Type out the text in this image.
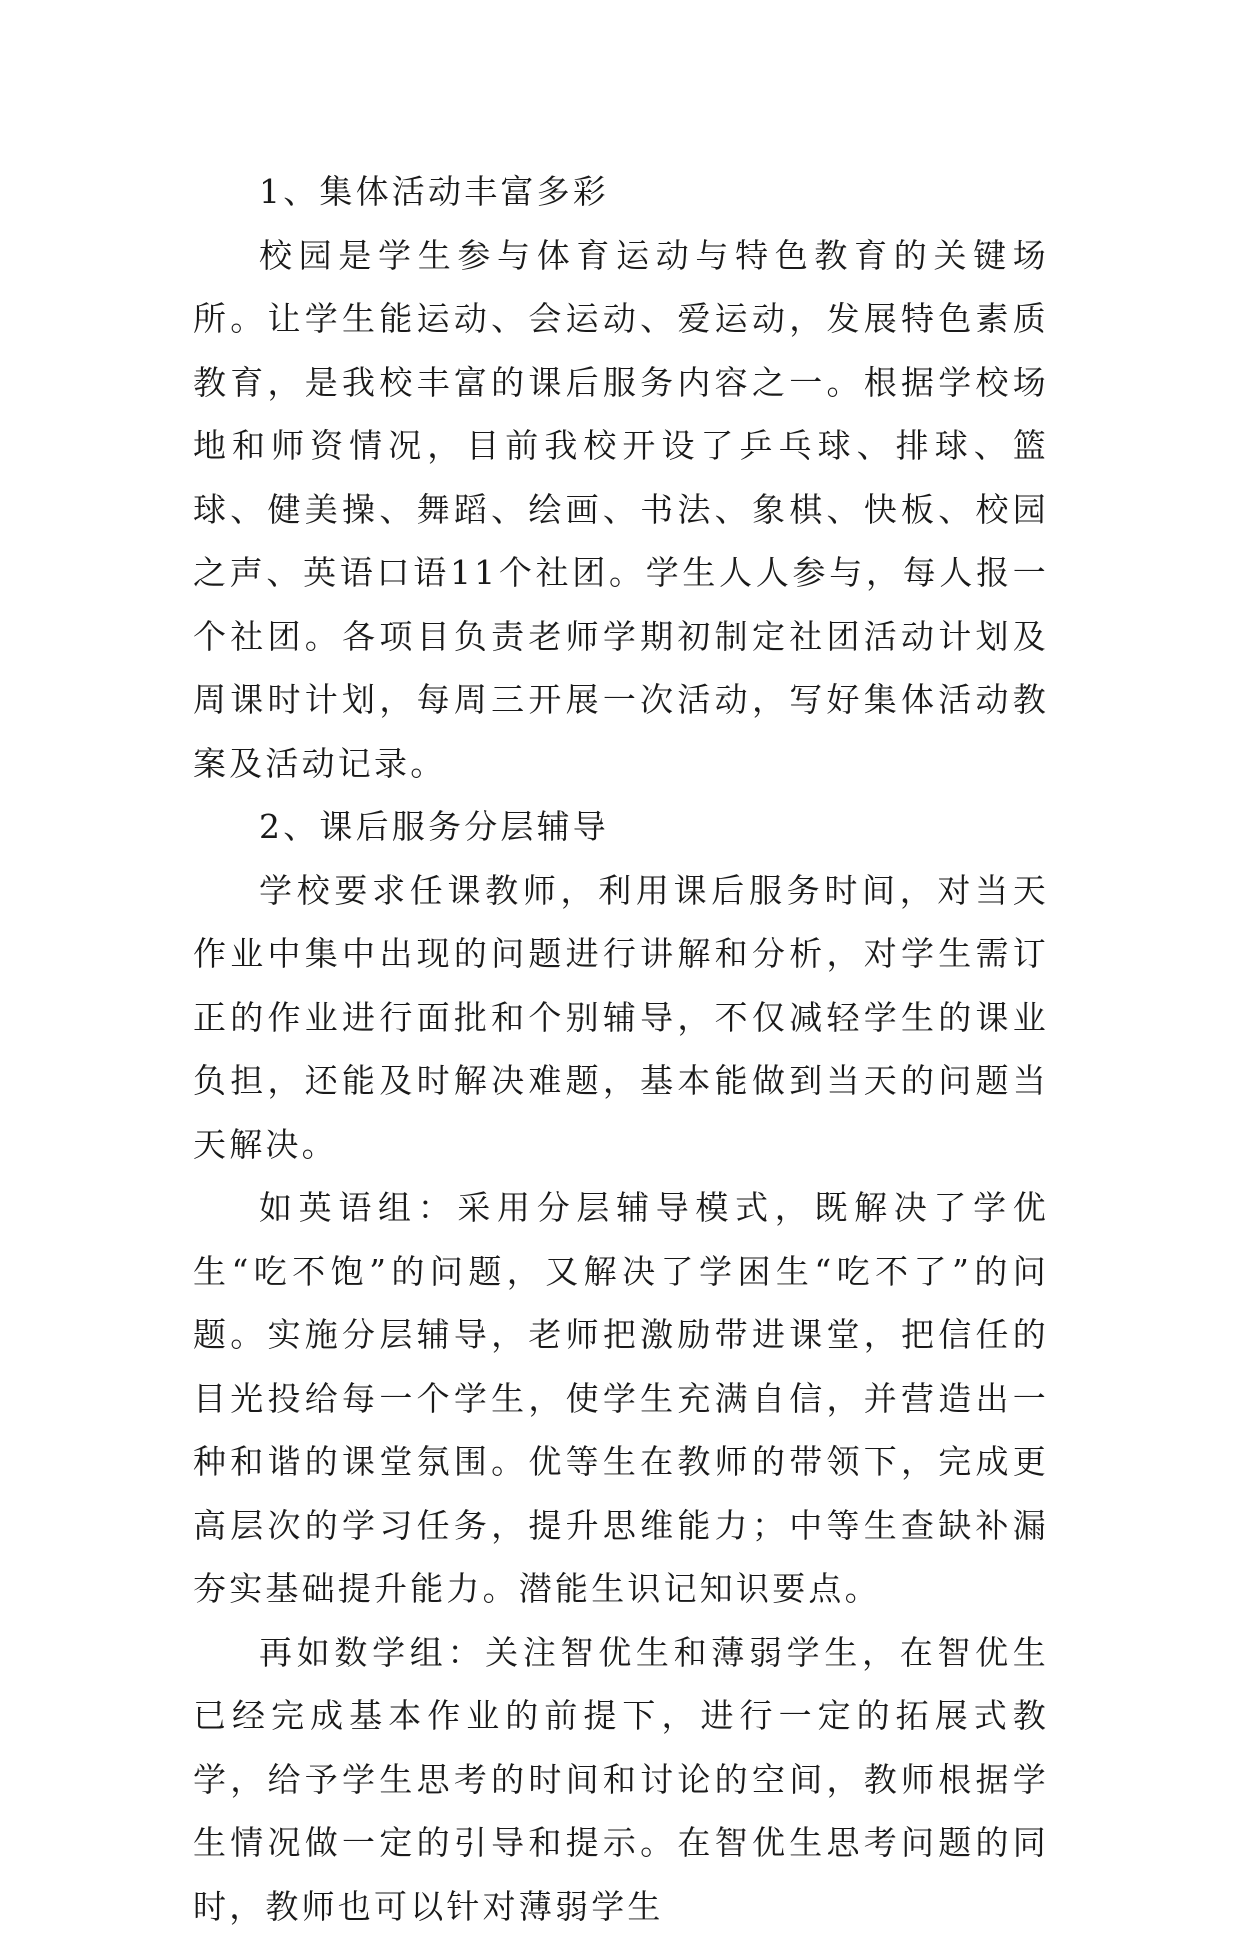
1、集体活动丰富多彩

校园是学生参与体育运动与特色教育的关键场所。让学生能运动、会运动、爱运动，发展特色素质教育，是我校丰富的课后服务内容之一。根据学校场地和师资情况，目前我校开设了乒乓球、排球、篮球、健美操、舞蹈、绘画、书法、象棋、快板、校园之声、英语口语11个社团。学生人人参与，每人报一个社团。各项目负责老师学期初制定社团活动计划及周课时计划，每周三开展一次活动，写好集体活动教案及活动记录。

2、课后服务分层辅导

学校要求任课教师，利用课后服务时间，对当天作业中集中出现的问题进行讲解和分析，对学生需订正的作业进行面批和个别辅导，不仅减轻学生的课业负担，还能及时解决难题，基本能做到当天的问题当天解决。

如英语组：采用分层辅导模式，既解决了学优生“吃不饱”的问题，又解决了学困生“吃不了”的问题。实施分层辅导，老师把激励带进课堂，把信任的目光投给每一个学生，使学生充满自信，并营造出一种和谐的课堂氛围。优等生在教师的带领下，完成更高层次的学习任务，提升思维能力；中等生查缺补漏夯实基础提升能力。潜能生识记知识要点。

再如数学组：关注智优生和薄弱学生，在智优生已经完成基本作业的前提下，进行一定的拓展式教学，给予学生思考的时间和讨论的空间，教师根据学生情况做一定的引导和提示。在智优生思考问题的同时，教师也可以针对薄弱学生
